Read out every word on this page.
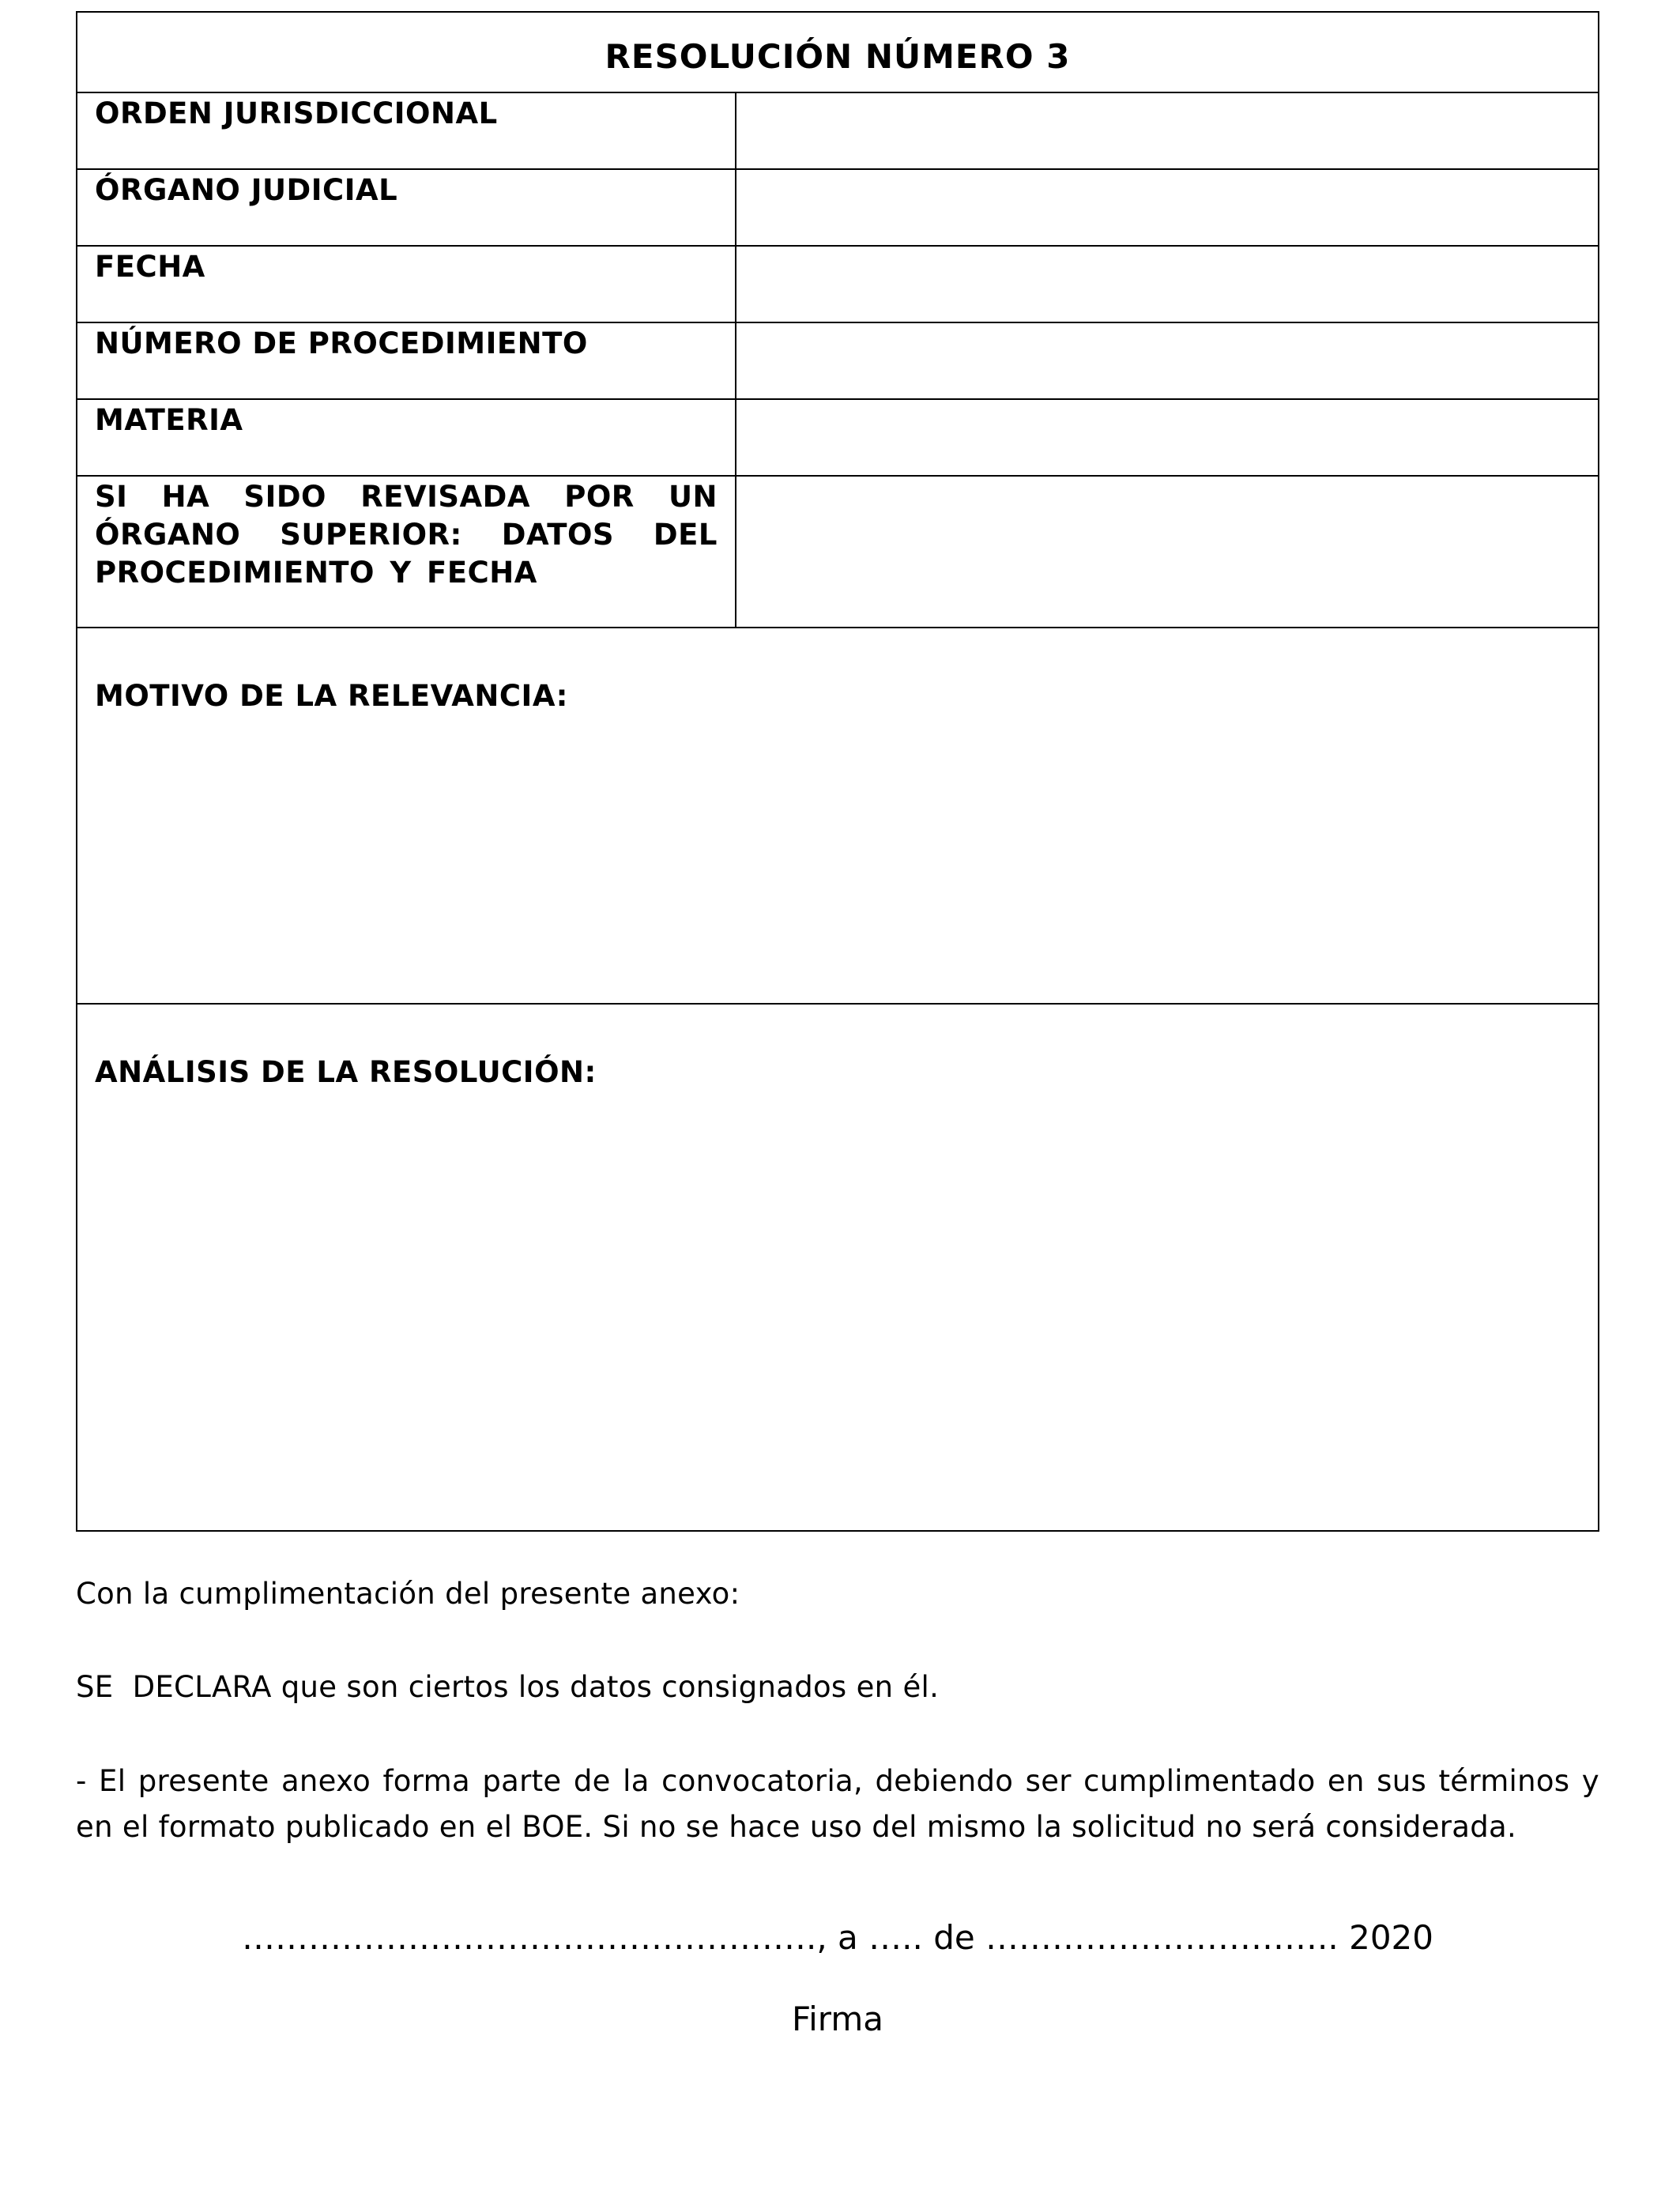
RESOLUCIÓN NÚMERO 3
ORDEN JURISDICCIONAL
ÓRGANO JUDICIAL
FECHA
NÚMERO DE PROCEDIMIENTO
MATERIA
SI HA SIDO REVISADA POR UN ÓRGANO SUPERIOR: DATOS DEL PROCEDIMIENTO Y FECHA
MOTIVO DE LA RELEVANCIA:
ANÁLISIS DE LA RESOLUCIÓN:
Con la cumplimentación del presente anexo:
SE  DECLARA que son ciertos los datos consignados en él.
- El presente anexo forma parte de la convocatoria, debiendo ser cumplimentado en sus términos y en el formato publicado en el BOE. Si no se hace uso del mismo la solicitud no será considerada.
……………………………………………., a ….. de ………………………….. 2020
Firma
